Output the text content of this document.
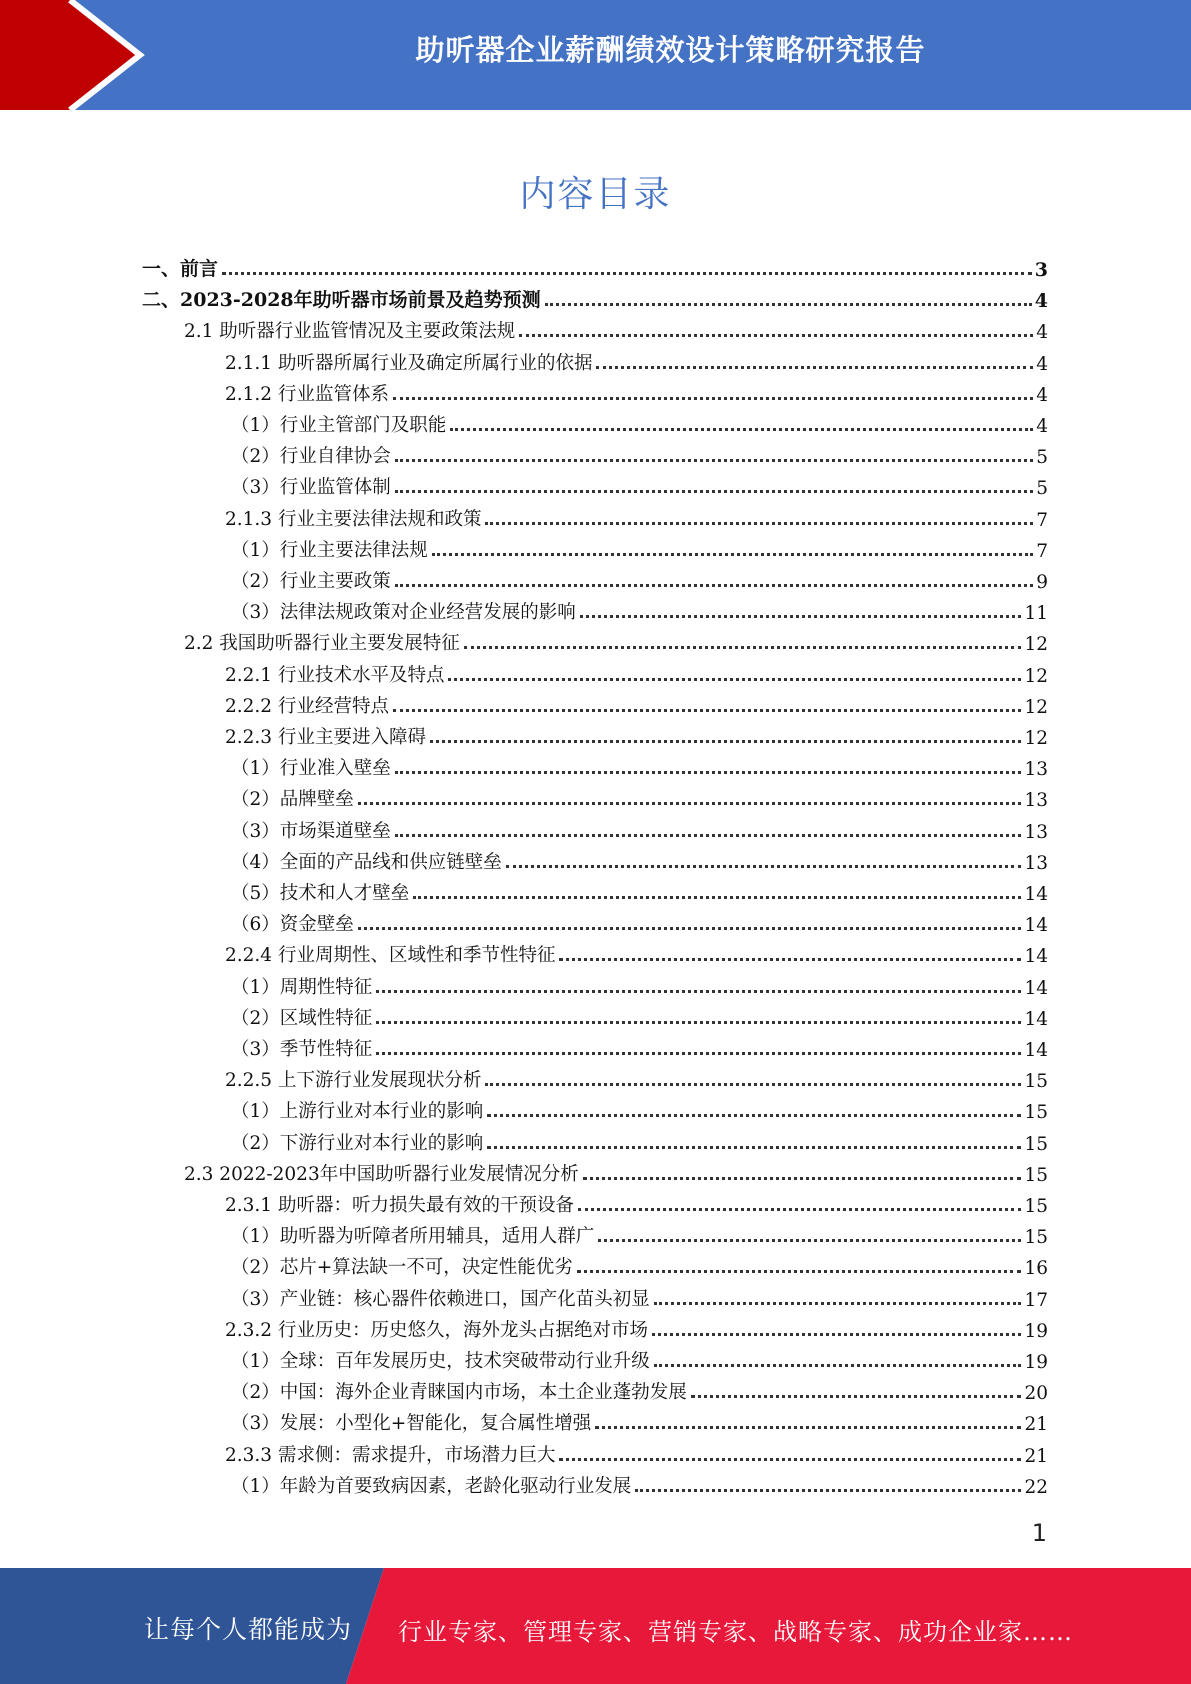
助听器企业薪酬绩效设计策略研究报告
内容目录
一、前言	3
二、2023-2028年助听器市场前景及趋势预测	4
2.1 助听器行业监管情况及主要政策法规	4
2.1.1 助听器所属行业及确定所属行业的依据	4
2.1.2 行业监管体系	4
（1）行业主管部门及职能	4
（2）行业自律协会	5
（3）行业监管体制	5
2.1.3 行业主要法律法规和政策	7
（1）行业主要法律法规	7
（2）行业主要政策	9
（3）法律法规政策对企业经营发展的影响	11
2.2 我国助听器行业主要发展特征	12
2.2.1 行业技术水平及特点	12
2.2.2 行业经营特点	12
2.2.3 行业主要进入障碍	12
（1）行业准入壁垒	13
（2）品牌壁垒	13
（3）市场渠道壁垒	13
（4）全面的产品线和供应链壁垒	13
（5）技术和人才壁垒	14
（6）资金壁垒	14
2.2.4 行业周期性、区域性和季节性特征	14
（1）周期性特征	14
（2）区域性特征	14
（3）季节性特征	14
2.2.5 上下游行业发展现状分析	15
（1）上游行业对本行业的影响	15
（2）下游行业对本行业的影响	15
2.3 2022-2023年中国助听器行业发展情况分析	15
2.3.1 助听器：听力损失最有效的干预设备	15
（1）助听器为听障者所用辅具，适用人群广	15
（2）芯片+算法缺一不可，决定性能优劣	16
（3）产业链：核心器件依赖进口，国产化苗头初显	17
2.3.2 行业历史：历史悠久，海外龙头占据绝对市场	19
（1）全球：百年发展历史，技术突破带动行业升级	19
（2）中国：海外企业青睐国内市场，本土企业蓬勃发展	20
（3）发展：小型化+智能化，复合属性增强	21
2.3.3 需求侧：需求提升，市场潜力巨大	21
（1）年龄为首要致病因素，老龄化驱动行业发展	22
1
让每个人都能成为 行业专家、管理专家、营销专家、战略专家、成功企业家……
